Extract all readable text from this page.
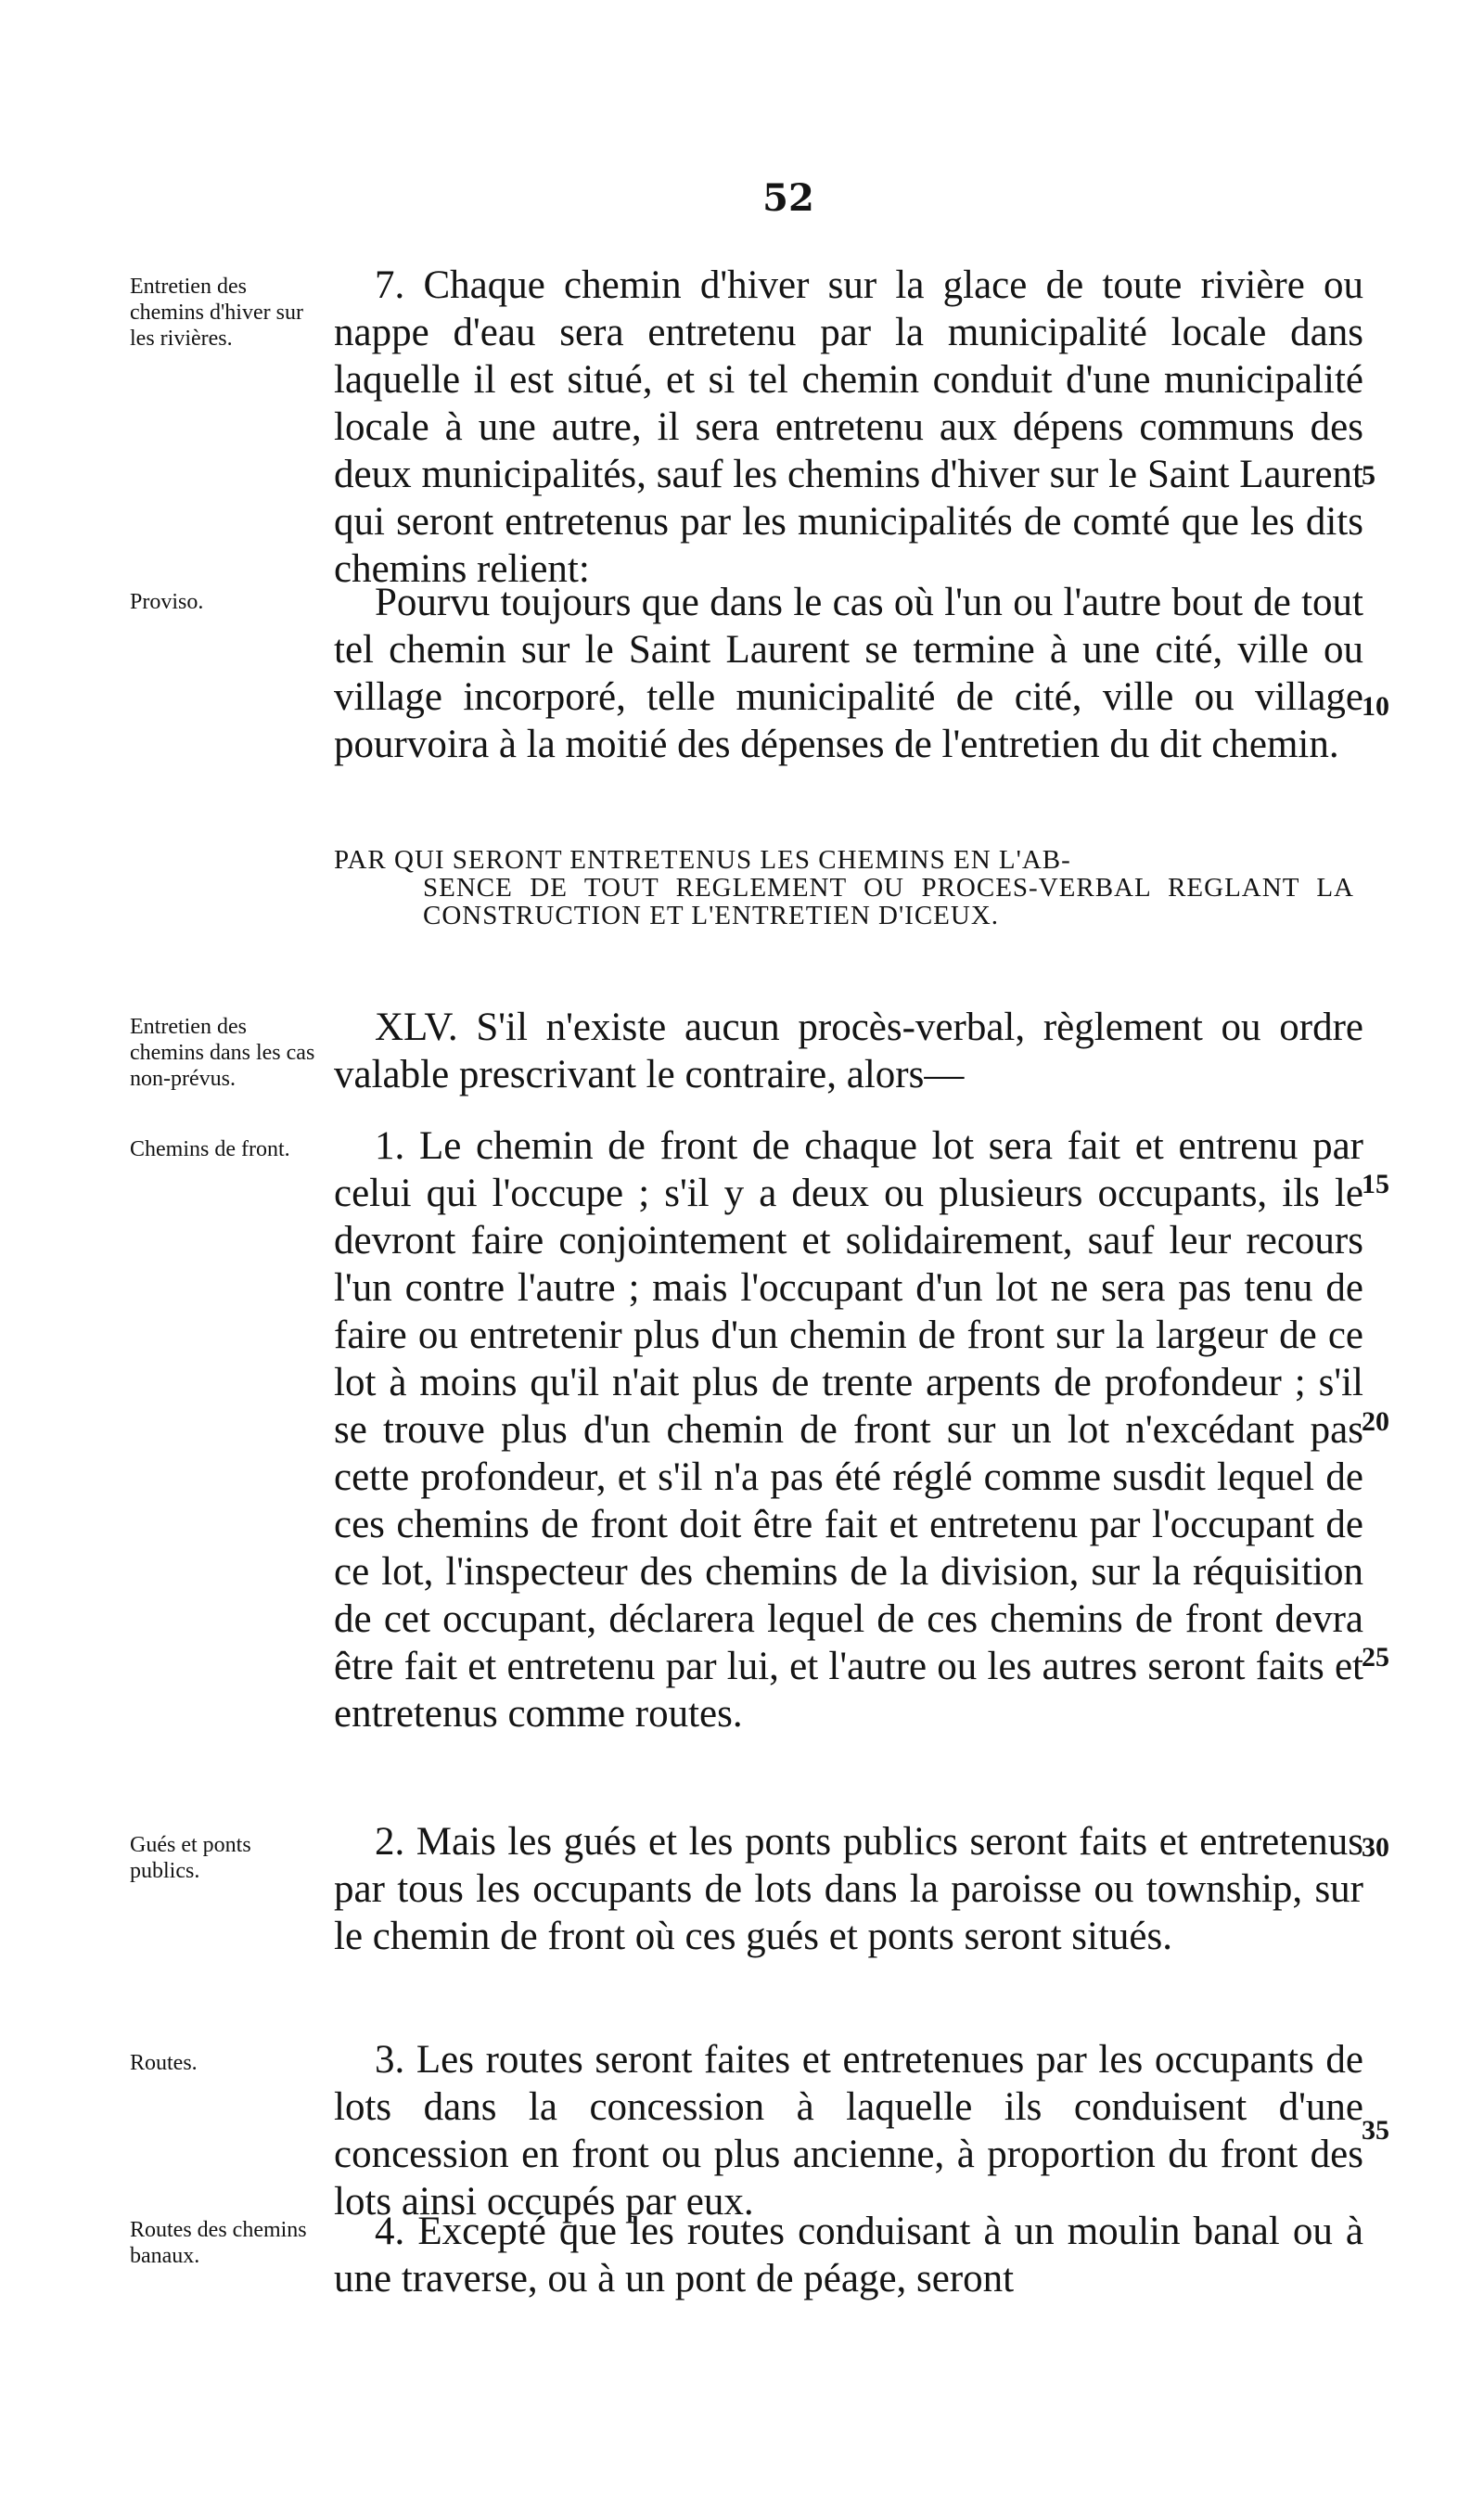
52
Entretien des chemins d'hiver sur les rivières.
Proviso.
Entretien des chemins dans les cas non-prévus.
Chemins de front.
Gués et ponts publics.
Routes.
Routes des chemins banaux.
7. Chaque chemin d'hiver sur la glace de toute rivière ou nappe d'eau sera entretenu par la municipalité locale dans laquelle il est situé, et si tel chemin conduit d'une municipalité locale à une autre, il sera entretenu aux dépens communs des deux municipalités, sauf les chemins d'hiver sur le Saint Laurent qui seront entretenus par les municipalités de comté que les dits chemins relient:
Pourvu toujours que dans le cas où l'un ou l'autre bout de tout tel chemin sur le Saint Laurent se termine à une cité, ville ou village incorporé, telle municipalité de cité, ville ou village pourvoira à la moitié des dépenses de l'entretien du dit chemin.
PAR QUI SERONT ENTRETENUS LES CHEMINS EN L'AB-
SENCE DE TOUT REGLEMENT OU PROCES-VERBAL REGLANT LA CONSTRUCTION ET L'ENTRETIEN D'ICEUX.
XLV. S'il n'existe aucun procès-verbal, règlement ou ordre valable prescrivant le contraire, alors—
1. Le chemin de front de chaque lot sera fait et entrenu par celui qui l'occupe ; s'il y a deux ou plusieurs occupants, ils le devront faire conjointement et solidairement, sauf leur recours l'un contre l'autre ; mais l'occupant d'un lot ne sera pas tenu de faire ou entretenir plus d'un chemin de front sur la largeur de ce lot à moins qu'il n'ait plus de trente arpents de profondeur ; s'il se trouve plus d'un chemin de front sur un lot n'excédant pas cette profondeur, et s'il n'a pas été réglé comme susdit lequel de ces chemins de front doit être fait et entretenu par l'occupant de ce lot, l'inspecteur des chemins de la division, sur la réquisition de cet occupant, déclarera lequel de ces chemins de front devra être fait et entretenu par lui, et l'autre ou les autres seront faits et entretenus comme routes.
2. Mais les gués et les ponts publics seront faits et entretenus par tous les occupants de lots dans la paroisse ou township, sur le chemin de front où ces gués et ponts seront situés.
3. Les routes seront faites et entretenues par les occupants de lots dans la concession à laquelle ils conduisent d'une concession en front ou plus ancienne, à proportion du front des lots ainsi occupés par eux.
4. Excepté que les routes conduisant à un moulin banal ou à une traverse, ou à un pont de péage, seront
5
10
15
20
25
30
35
